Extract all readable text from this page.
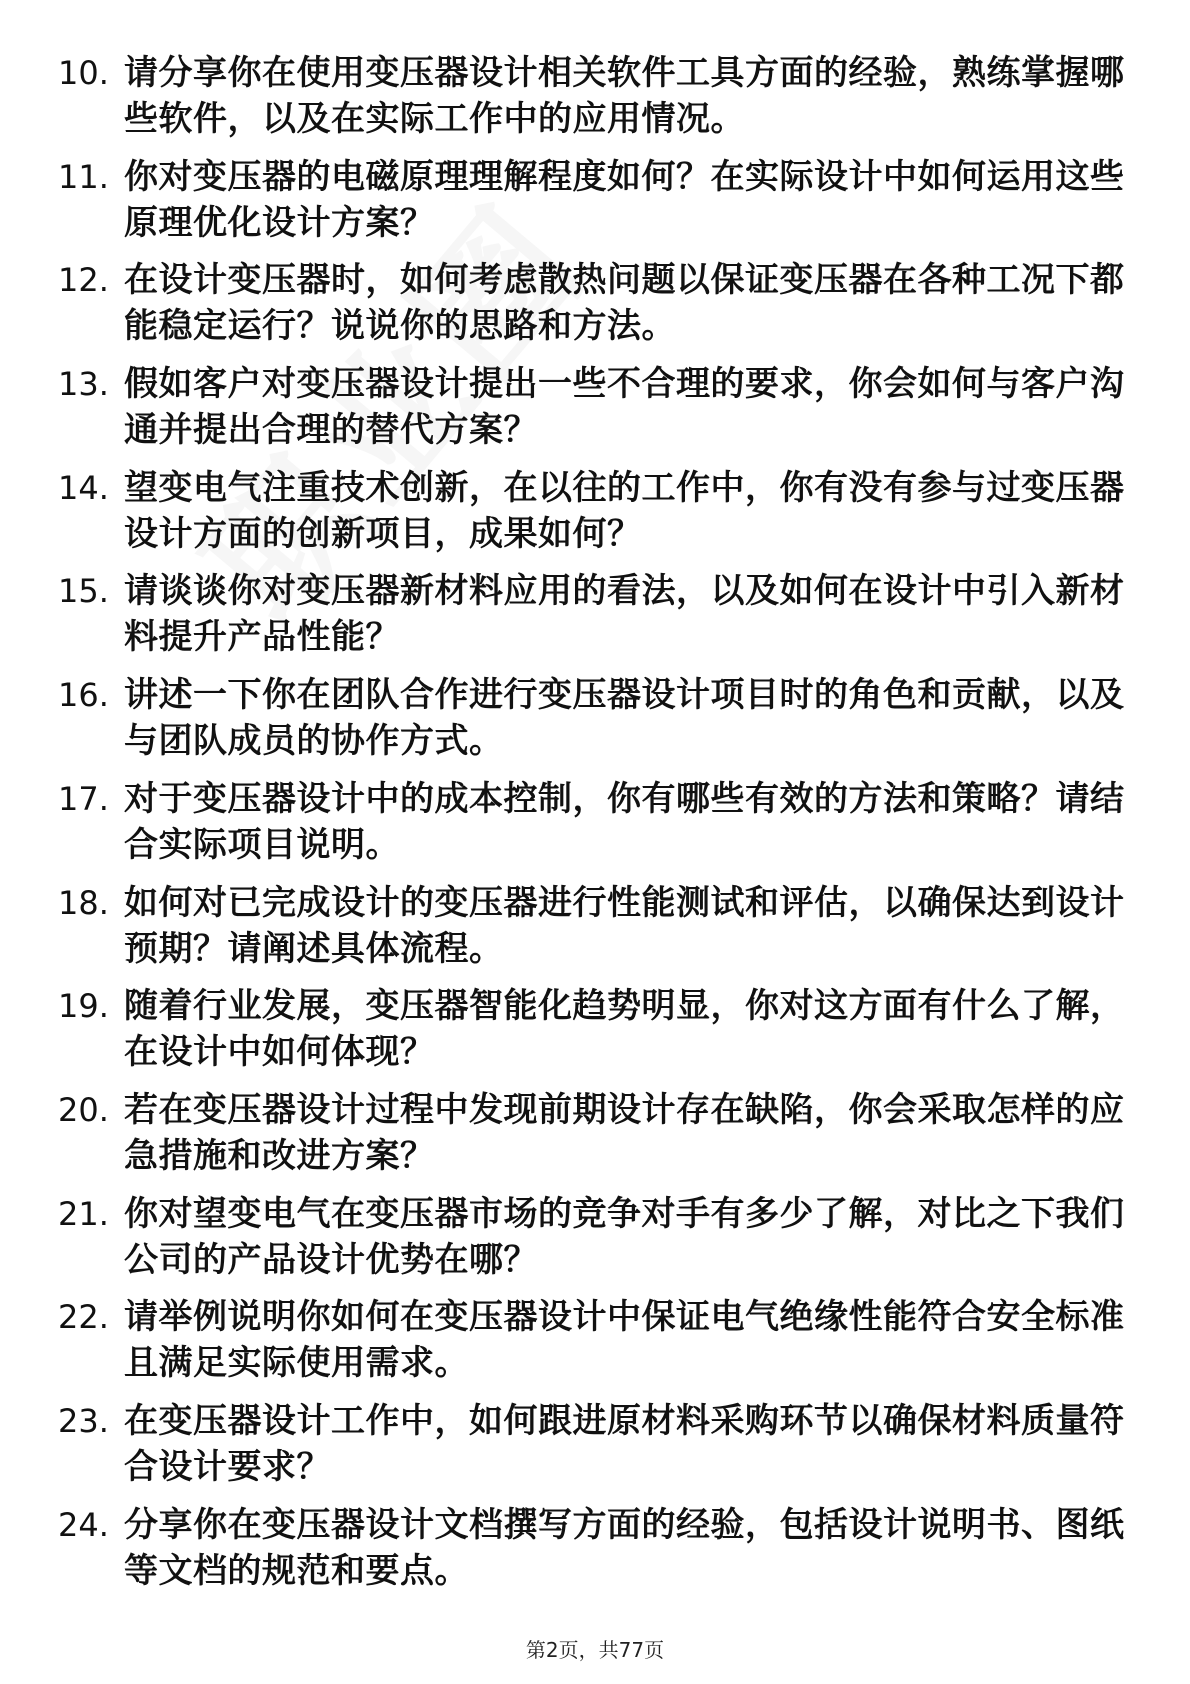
10. 请分享你在使用变压器设计相关软件工具方面的经验，熟练掌握哪些软件，以及在实际工作中的应用情况。
11. 你对变压器的电磁原理理解程度如何？在实际设计中如何运用这些原理优化设计方案？
12. 在设计变压器时，如何考虑散热问题以保证变压器在各种工况下都能稳定运行？说说你的思路和方法。
13. 假如客户对变压器设计提出一些不合理的要求，你会如何与客户沟通并提出合理的替代方案？
14. 望变电气注重技术创新，在以往的工作中，你有没有参与过变压器设计方面的创新项目，成果如何？
15. 请谈谈你对变压器新材料应用的看法，以及如何在设计中引入新材料提升产品性能？
16. 讲述一下你在团队合作进行变压器设计项目时的角色和贡献，以及与团队成员的协作方式。
17. 对于变压器设计中的成本控制，你有哪些有效的方法和策略？请结合实际项目说明。
18. 如何对已完成设计的变压器进行性能测试和评估，以确保达到设计预期？请阐述具体流程。
19. 随着行业发展，变压器智能化趋势明显，你对这方面有什么了解，在设计中如何体现？
20. 若在变压器设计过程中发现前期设计存在缺陷，你会采取怎样的应急措施和改进方案？
21. 你对望变电气在变压器市场的竞争对手有多少了解，对比之下我们公司的产品设计优势在哪？
22. 请举例说明你如何在变压器设计中保证电气绝缘性能符合安全标准且满足实际使用需求。
23. 在变压器设计工作中，如何跟进原材料采购环节以确保材料质量符合设计要求？
24. 分享你在变压器设计文档撰写方面的经验，包括设计说明书、图纸等文档的规范和要点。
第2页，共77页
